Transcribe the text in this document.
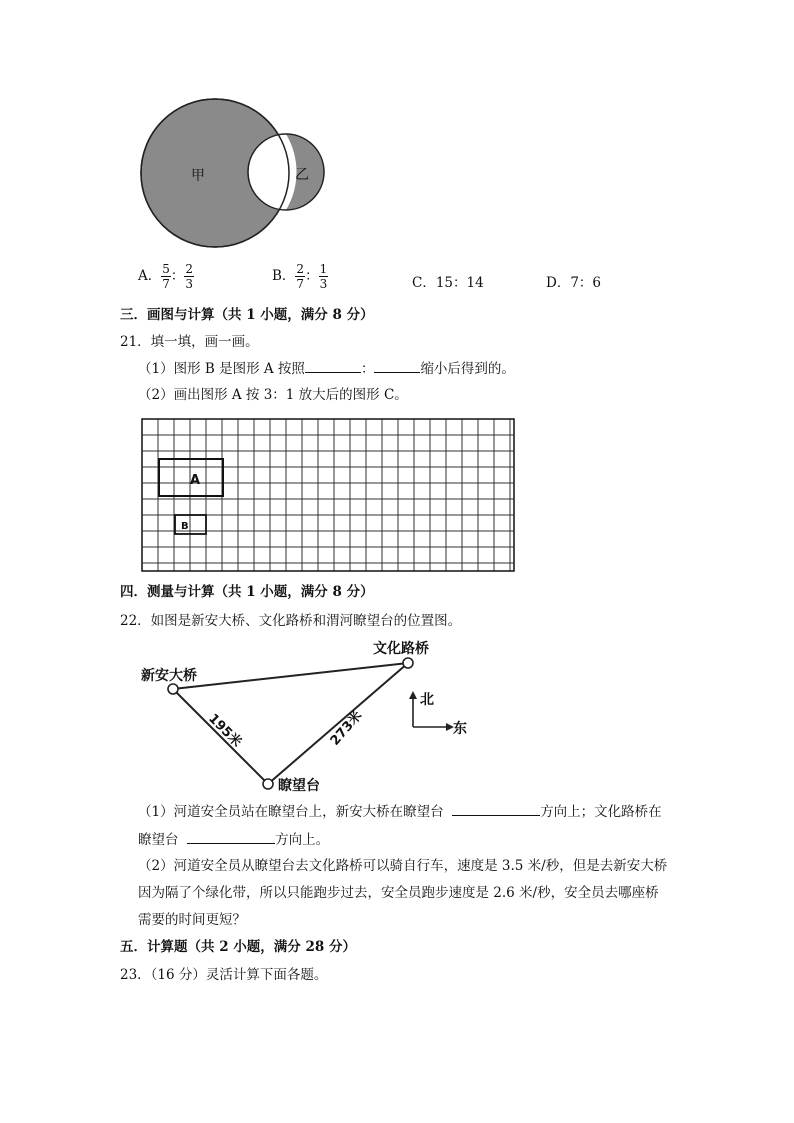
甲	乙
A． $\frac{5}{7}$ ： $\frac{2}{3}$	B． $\frac{2}{7}$ ： $\frac{1}{3}$	C．15：14	D．7：6
三．画图与计算（共 1 小题，满分 8 分）
21．填一填，画一画。
（1）图形 B 是图形 A 按照	：	缩小后得到的。
（2）画出图形 A 按 3：1 放大后的图形 C。
A
B
四．测量与计算（共 1 小题，满分 8 分）
22．如图是新安大桥、文化路桥和渭河瞭望台的位置图。
新安大桥
文化路桥
瞭望台
195米	273米
北
东
（1）河道安全员站在瞭望台上，新安大桥在瞭望台	方向上；文化路桥在
瞭望台	方向上。
（2）河道安全员从瞭望台去文化路桥可以骑自行车，速度是 3.5 米/秒，但是去新安大桥
因为隔了个绿化带，所以只能跑步过去，安全员跑步速度是 2.6 米/秒，安全员去哪座桥
需要的时间更短？
五．计算题（共 2 小题，满分 28 分）
23．（16 分）灵活计算下面各题。
